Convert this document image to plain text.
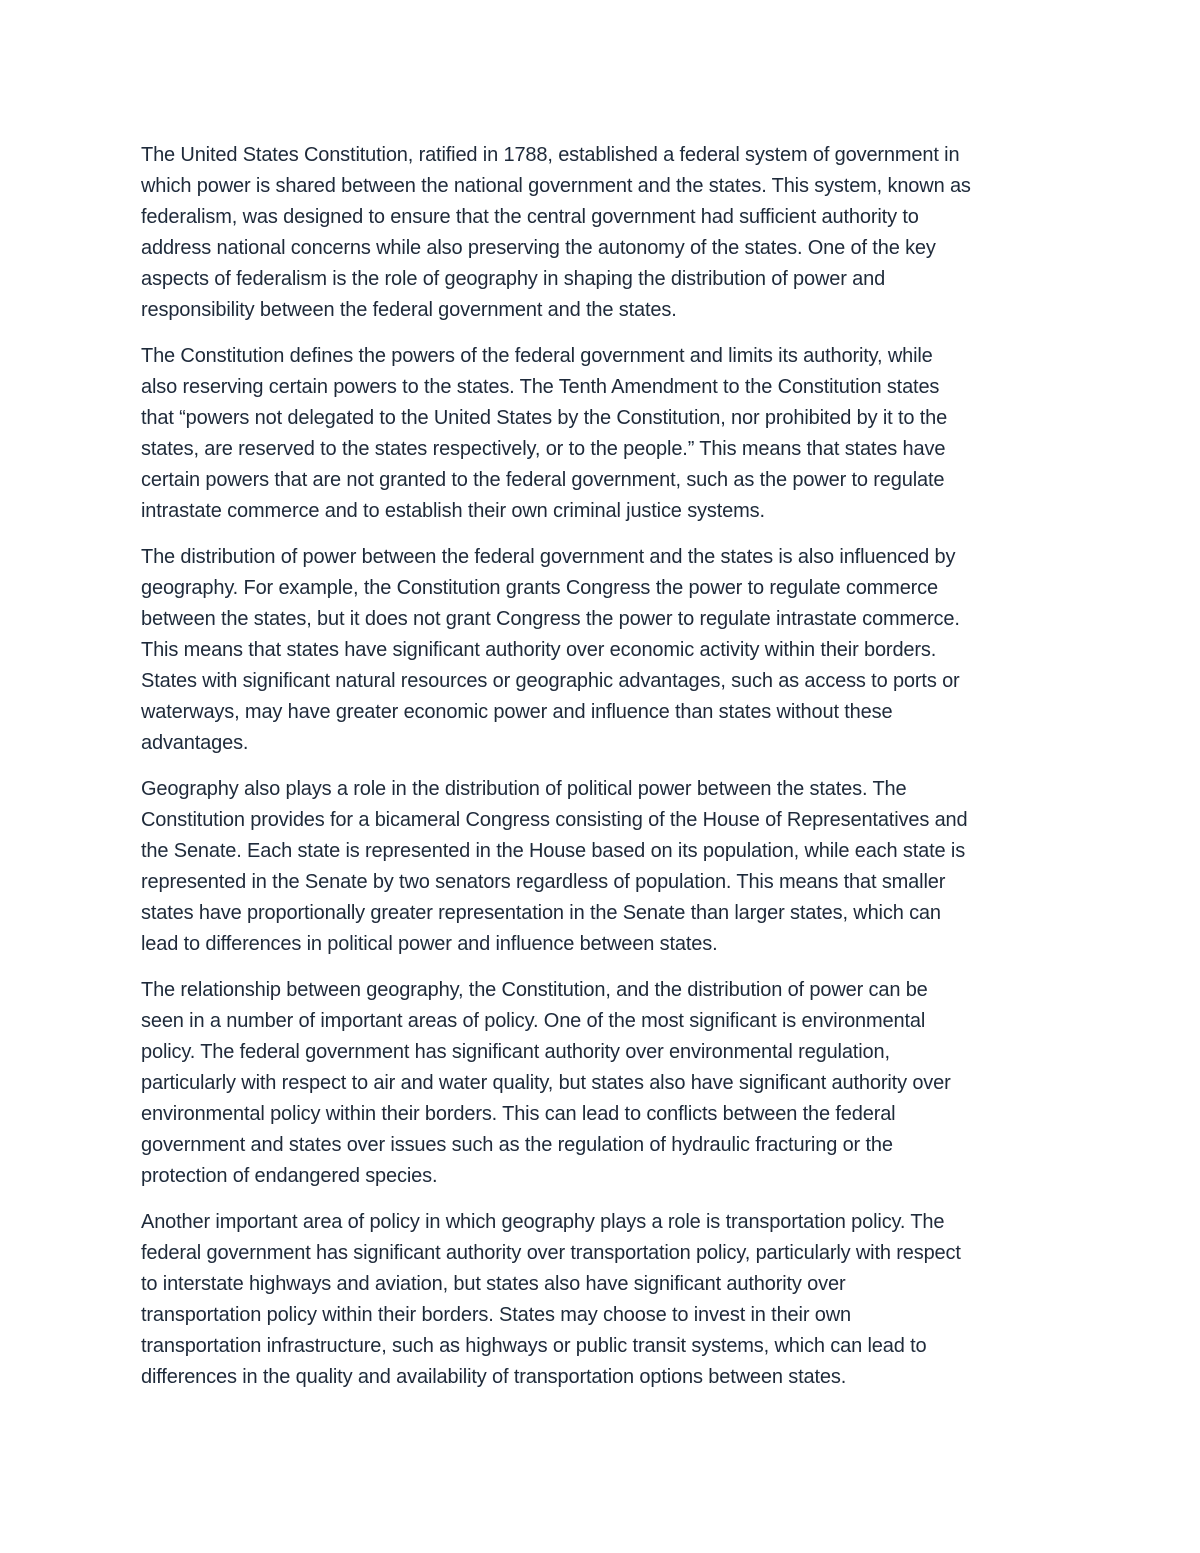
The United States Constitution, ratified in 1788, established a federal system of government in
which power is shared between the national government and the states. This system, known as
federalism, was designed to ensure that the central government had sufficient authority to
address national concerns while also preserving the autonomy of the states. One of the key
aspects of federalism is the role of geography in shaping the distribution of power and
responsibility between the federal government and the states.

The Constitution defines the powers of the federal government and limits its authority, while
also reserving certain powers to the states. The Tenth Amendment to the Constitution states
that “powers not delegated to the United States by the Constitution, nor prohibited by it to the
states, are reserved to the states respectively, or to the people.” This means that states have
certain powers that are not granted to the federal government, such as the power to regulate
intrastate commerce and to establish their own criminal justice systems.

The distribution of power between the federal government and the states is also influenced by
geography. For example, the Constitution grants Congress the power to regulate commerce
between the states, but it does not grant Congress the power to regulate intrastate commerce.
This means that states have significant authority over economic activity within their borders.
States with significant natural resources or geographic advantages, such as access to ports or
waterways, may have greater economic power and influence than states without these
advantages.

Geography also plays a role in the distribution of political power between the states. The
Constitution provides for a bicameral Congress consisting of the House of Representatives and
the Senate. Each state is represented in the House based on its population, while each state is
represented in the Senate by two senators regardless of population. This means that smaller
states have proportionally greater representation in the Senate than larger states, which can
lead to differences in political power and influence between states.

The relationship between geography, the Constitution, and the distribution of power can be
seen in a number of important areas of policy. One of the most significant is environmental
policy. The federal government has significant authority over environmental regulation,
particularly with respect to air and water quality, but states also have significant authority over
environmental policy within their borders. This can lead to conflicts between the federal
government and states over issues such as the regulation of hydraulic fracturing or the
protection of endangered species.

Another important area of policy in which geography plays a role is transportation policy. The
federal government has significant authority over transportation policy, particularly with respect
to interstate highways and aviation, but states also have significant authority over
transportation policy within their borders. States may choose to invest in their own
transportation infrastructure, such as highways or public transit systems, which can lead to
differences in the quality and availability of transportation options between states.
